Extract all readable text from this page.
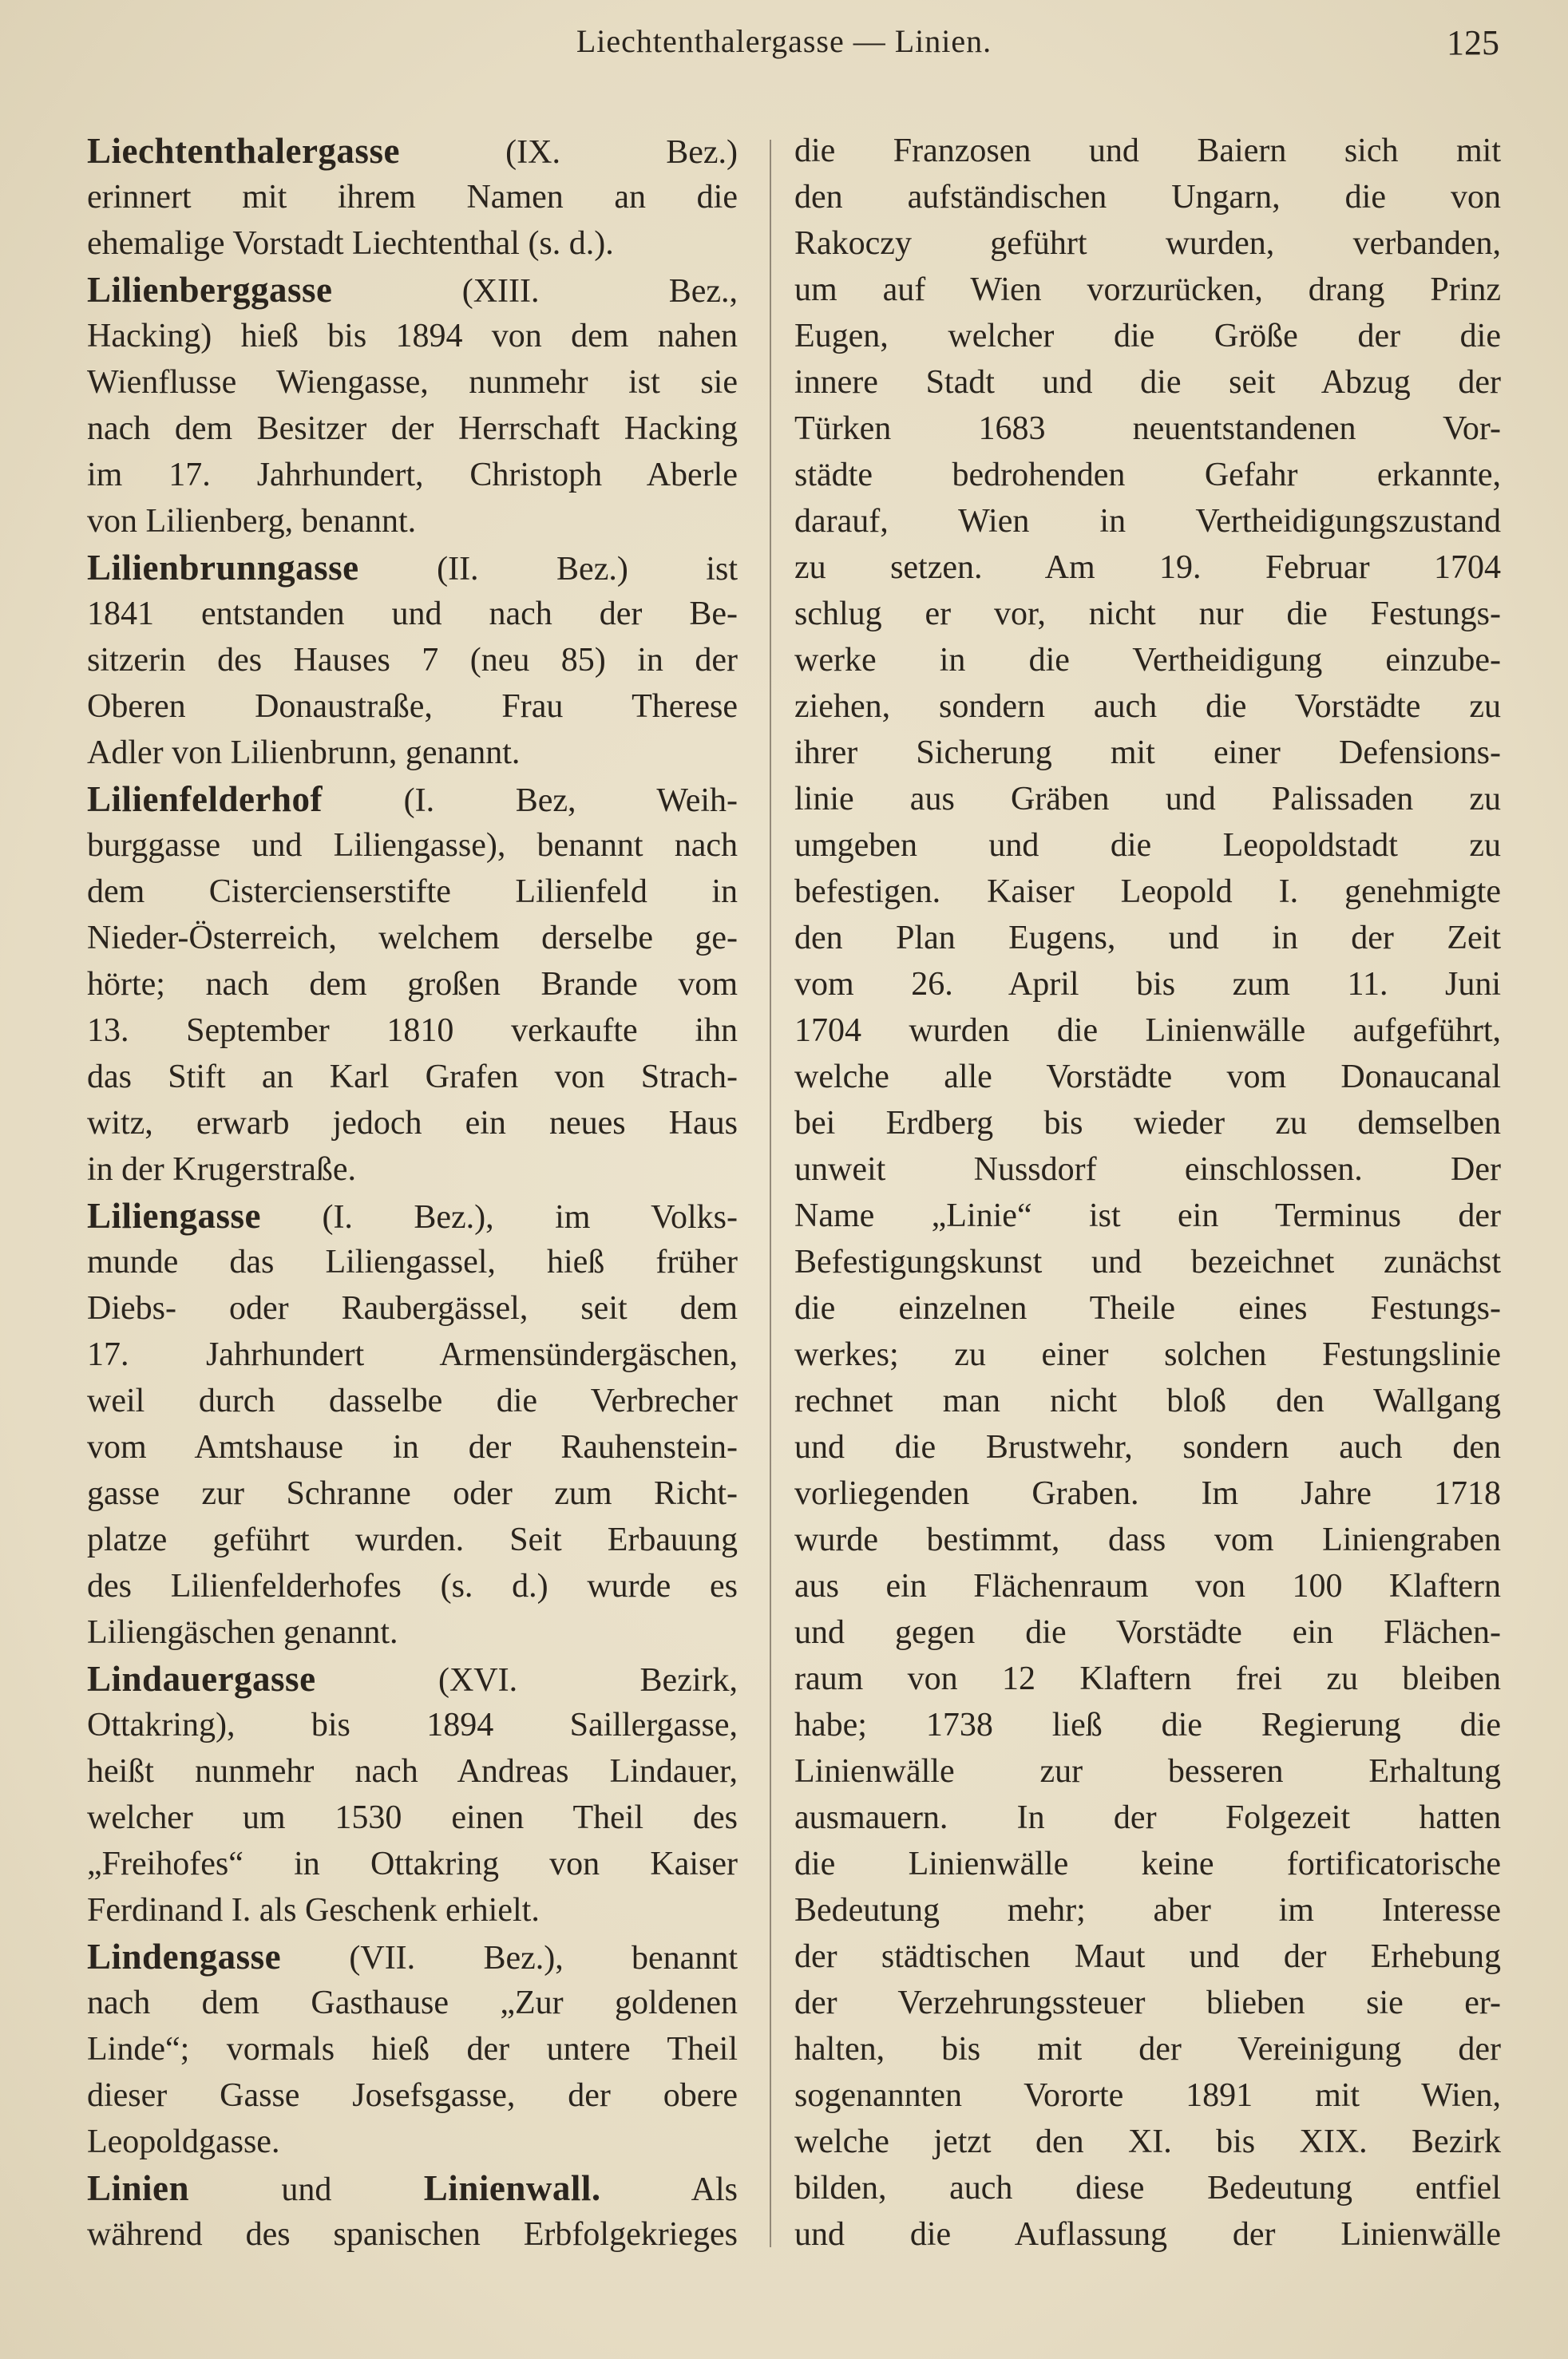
Liechtenthalergasse — Linien.	125
Liechtenthalergasse (IX. Bez.)
erinnert mit ihrem Namen an die
ehemalige Vorstadt Liechtenthal (s. d.).
Lilienberggasse (XIII. Bez.,
Hacking) hieß bis 1894 von dem nahen
Wienflusse Wiengasse, nunmehr ist sie
nach dem Besitzer der Herrschaft Hacking
im 17. Jahrhundert, Christoph Aberle
von Lilienberg, benannt.
Lilienbrunngasse (II. Bez.) ist
1841 entstanden und nach der Be-
sitzerin des Hauses 7 (neu 85) in der
Oberen Donaustraße, Frau Therese
Adler von Lilienbrunn, genannt.
Lilienfelderhof (I. Bez, Weih-
burggasse und Liliengasse), benannt nach
dem Cistercienserstifte Lilienfeld in
Nieder-Österreich, welchem derselbe ge-
hörte; nach dem großen Brande vom
13. September 1810 verkaufte ihn
das Stift an Karl Grafen von Strach-
witz, erwarb jedoch ein neues Haus
in der Krugerstraße.
Liliengasse (I. Bez.), im Volks-
munde das Liliengassel, hieß früher
Diebs- oder Raubergässel, seit dem
17. Jahrhundert Armensündergäschen,
weil durch dasselbe die Verbrecher
vom Amtshause in der Rauhenstein-
gasse zur Schranne oder zum Richt-
platze geführt wurden. Seit Erbauung
des Lilienfelderhofes (s. d.) wurde es
Liliengäschen genannt.
Lindauergasse (XVI. Bezirk,
Ottakring), bis 1894 Saillergasse,
heißt nunmehr nach Andreas Lindauer,
welcher um 1530 einen Theil des
„Freihofes“ in Ottakring von Kaiser
Ferdinand I. als Geschenk erhielt.
Lindengasse (VII. Bez.), benannt
nach dem Gasthause „Zur goldenen
Linde“; vormals hieß der untere Theil
dieser Gasse Josefsgasse, der obere
Leopoldgasse.
Linien und Linienwall. Als
während des spanischen Erbfolgekrieges
die Franzosen und Baiern sich mit
den aufständischen Ungarn, die von
Rakoczy geführt wurden, verbanden,
um auf Wien vorzurücken, drang Prinz
Eugen, welcher die Größe der die
innere Stadt und die seit Abzug der
Türken 1683 neuentstandenen Vor-
städte bedrohenden Gefahr erkannte,
darauf, Wien in Vertheidigungszustand
zu setzen. Am 19. Februar 1704
schlug er vor, nicht nur die Festungs-
werke in die Vertheidigung einzube-
ziehen, sondern auch die Vorstädte zu
ihrer Sicherung mit einer Defensions-
linie aus Gräben und Palissaden zu
umgeben und die Leopoldstadt zu
befestigen. Kaiser Leopold I. genehmigte
den Plan Eugens, und in der Zeit
vom 26. April bis zum 11. Juni
1704 wurden die Linienwälle aufgeführt,
welche alle Vorstädte vom Donaucanal
bei Erdberg bis wieder zu demselben
unweit Nussdorf einschlossen. Der
Name „Linie“ ist ein Terminus der
Befestigungskunst und bezeichnet zunächst
die einzelnen Theile eines Festungs-
werkes; zu einer solchen Festungslinie
rechnet man nicht bloß den Wallgang
und die Brustwehr, sondern auch den
vorliegenden Graben. Im Jahre 1718
wurde bestimmt, dass vom Liniengraben
aus ein Flächenraum von 100 Klaftern
und gegen die Vorstädte ein Flächen-
raum von 12 Klaftern frei zu bleiben
habe; 1738 ließ die Regierung die
Linienwälle zur besseren Erhaltung
ausmauern. In der Folgezeit hatten
die Linienwälle keine fortificatorische
Bedeutung mehr; aber im Interesse
der städtischen Maut und der Erhebung
der Verzehrungssteuer blieben sie er-
halten, bis mit der Vereinigung der
sogenannten Vororte 1891 mit Wien,
welche jetzt den XI. bis XIX. Bezirk
bilden, auch diese Bedeutung entfiel
und die Auflassung der Linienwälle
